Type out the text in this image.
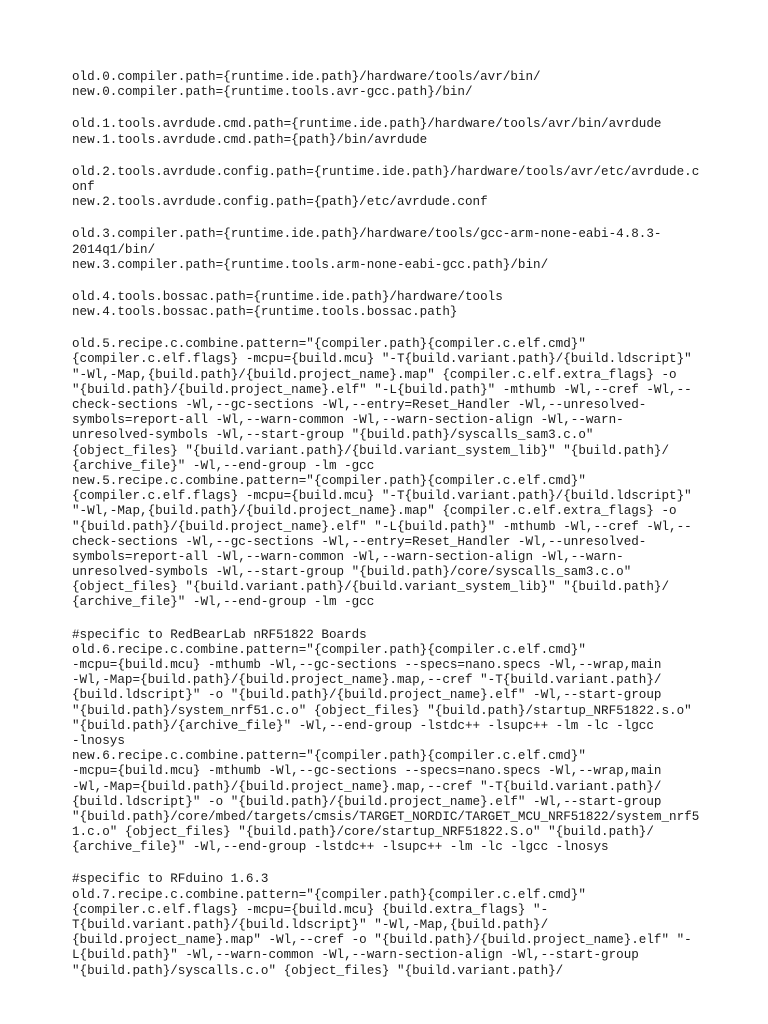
old.0.compiler.path={runtime.ide.path}/hardware/tools/avr/bin/
new.0.compiler.path={runtime.tools.avr-gcc.path}/bin/
old.1.tools.avrdude.cmd.path={runtime.ide.path}/hardware/tools/avr/bin/avrdude
new.1.tools.avrdude.cmd.path={path}/bin/avrdude
old.2.tools.avrdude.config.path={runtime.ide.path}/hardware/tools/avr/etc/avrdude.c
onf
new.2.tools.avrdude.config.path={path}/etc/avrdude.conf
old.3.compiler.path={runtime.ide.path}/hardware/tools/gcc-arm-none-eabi-4.8.3-
2014q1/bin/
new.3.compiler.path={runtime.tools.arm-none-eabi-gcc.path}/bin/
old.4.tools.bossac.path={runtime.ide.path}/hardware/tools
new.4.tools.bossac.path={runtime.tools.bossac.path}
old.5.recipe.c.combine.pattern="{compiler.path}{compiler.c.elf.cmd}"
{compiler.c.elf.flags} -mcpu={build.mcu} "-T{build.variant.path}/{build.ldscript}"
"-Wl,-Map,{build.path}/{build.project_name}.map" {compiler.c.elf.extra_flags} -o
"{build.path}/{build.project_name}.elf" "-L{build.path}" -mthumb -Wl,--cref -Wl,--
check-sections -Wl,--gc-sections -Wl,--entry=Reset_Handler -Wl,--unresolved-
symbols=report-all -Wl,--warn-common -Wl,--warn-section-align -Wl,--warn-
unresolved-symbols -Wl,--start-group "{build.path}/syscalls_sam3.c.o"
{object_files} "{build.variant.path}/{build.variant_system_lib}" "{build.path}/
{archive_file}" -Wl,--end-group -lm -gcc
new.5.recipe.c.combine.pattern="{compiler.path}{compiler.c.elf.cmd}"
{compiler.c.elf.flags} -mcpu={build.mcu} "-T{build.variant.path}/{build.ldscript}"
"-Wl,-Map,{build.path}/{build.project_name}.map" {compiler.c.elf.extra_flags} -o
"{build.path}/{build.project_name}.elf" "-L{build.path}" -mthumb -Wl,--cref -Wl,--
check-sections -Wl,--gc-sections -Wl,--entry=Reset_Handler -Wl,--unresolved-
symbols=report-all -Wl,--warn-common -Wl,--warn-section-align -Wl,--warn-
unresolved-symbols -Wl,--start-group "{build.path}/core/syscalls_sam3.c.o"
{object_files} "{build.variant.path}/{build.variant_system_lib}" "{build.path}/
{archive_file}" -Wl,--end-group -lm -gcc
#specific to RedBearLab nRF51822 Boards
old.6.recipe.c.combine.pattern="{compiler.path}{compiler.c.elf.cmd}"
-mcpu={build.mcu} -mthumb -Wl,--gc-sections --specs=nano.specs -Wl,--wrap,main
-Wl,-Map={build.path}/{build.project_name}.map,--cref "-T{build.variant.path}/
{build.ldscript}" -o "{build.path}/{build.project_name}.elf" -Wl,--start-group
"{build.path}/system_nrf51.c.o" {object_files} "{build.path}/startup_NRF51822.s.o"
"{build.path}/{archive_file}" -Wl,--end-group -lstdc++ -lsupc++ -lm -lc -lgcc
-lnosys
new.6.recipe.c.combine.pattern="{compiler.path}{compiler.c.elf.cmd}"
-mcpu={build.mcu} -mthumb -Wl,--gc-sections --specs=nano.specs -Wl,--wrap,main
-Wl,-Map={build.path}/{build.project_name}.map,--cref "-T{build.variant.path}/
{build.ldscript}" -o "{build.path}/{build.project_name}.elf" -Wl,--start-group
"{build.path}/core/mbed/targets/cmsis/TARGET_NORDIC/TARGET_MCU_NRF51822/system_nrf5
1.c.o" {object_files} "{build.path}/core/startup_NRF51822.S.o" "{build.path}/
{archive_file}" -Wl,--end-group -lstdc++ -lsupc++ -lm -lc -lgcc -lnosys
#specific to RFduino 1.6.3
old.7.recipe.c.combine.pattern="{compiler.path}{compiler.c.elf.cmd}"
{compiler.c.elf.flags} -mcpu={build.mcu} {build.extra_flags} "-
T{build.variant.path}/{build.ldscript}" "-Wl,-Map,{build.path}/
{build.project_name}.map" -Wl,--cref -o "{build.path}/{build.project_name}.elf" "-
L{build.path}" -Wl,--warn-common -Wl,--warn-section-align -Wl,--start-group
"{build.path}/syscalls.c.o" {object_files} "{build.variant.path}/
